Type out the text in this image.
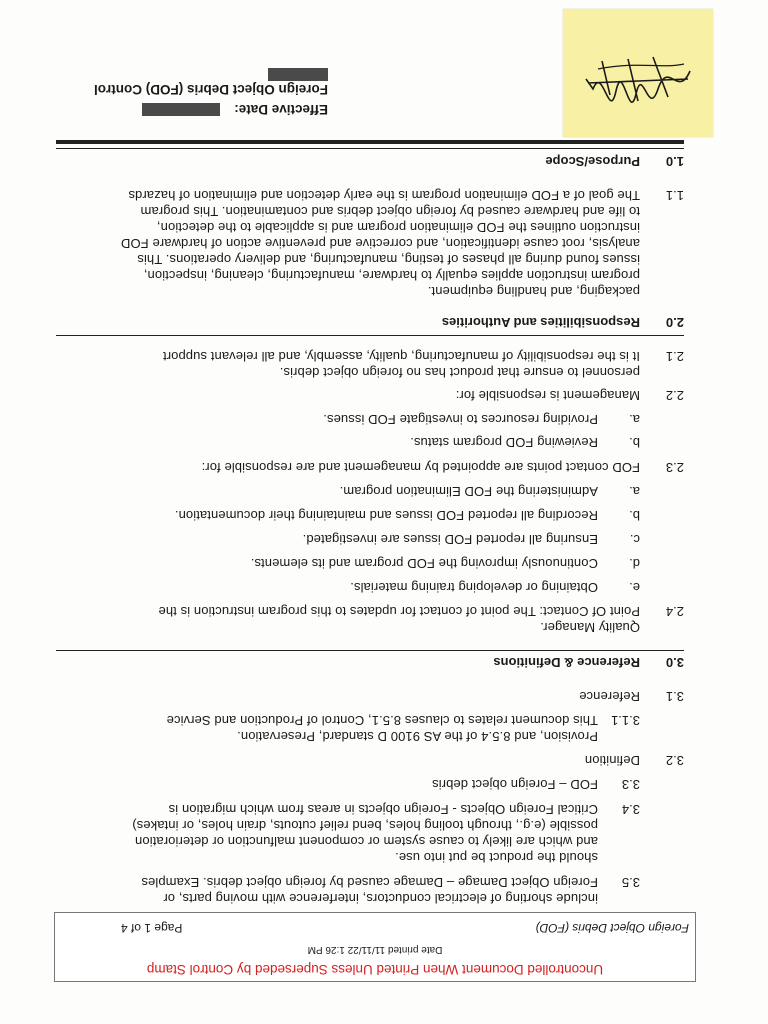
Foreign Object Debris (FOD) Control
Effective Date:
1.0
Purpose/Scope
1.1
The goal of a FOD elimination program is the early detection and elimination of hazards
to life and hardware caused by foreign object debris and contamination. This program
instruction outlines the FOD elimination program and is applicable to the detection,
analysis, root cause identification, and corrective and preventive action of hardware FOD
issues found during all phases of testing, manufacturing, and delivery operations. This
program instruction applies equally to hardware, manufacturing, cleaning, inspection,
packaging, and handling equipment.
2.0
Responsibilities and Authorities
2.1
It is the responsibility of manufacturing, quality, assembly, and all relevant support
personnel to ensure that product has no foreign object debris.
2.2
Management is responsible for:
a.
Providing resources to investigate FOD issues.
b.
Reviewing FOD program status.
2.3
FOD contact points are appointed by management and are responsible for:
a.
Administering the FOD Elimination program.
b.
Recording all reported FOD issues and maintaining their documentation.
c.
Ensuring all reported FOD issues are investigated.
d.
Continuously improving the FOD program and its elements.
e.
Obtaining or developing training materials.
2.4
Point Of Contact: The point of contact for updates to this program instruction is the
Quality Manager.
3.0
Reference & Definitions
3.1
Reference
3.1.1
This document relates to clauses 8.5.1, Control of Production and Service
Provision, and 8.5.4 of the AS 9100 D standard, Preservation.
3.2
Definition
3.3
FOD – Foreign object debris
3.4
Critical Foreign Objects - Foreign objects in areas from which migration is
possible (e.g., through tooling holes, bend relief cutouts, drain holes, or intakes)
and which are likely to cause system or component malfunction or deterioration
should the product be put into use.
3.5
Foreign Object Damage – Damage caused by foreign object debris. Examples
include shorting of electrical conductors, interference with moving parts, or
Foreign Object Debris (FOD)
Page 1 of 4
Date printed 11/11/22 1:26 PM
Uncontrolled Document When Printed Unless Superseded by Control Stamp
